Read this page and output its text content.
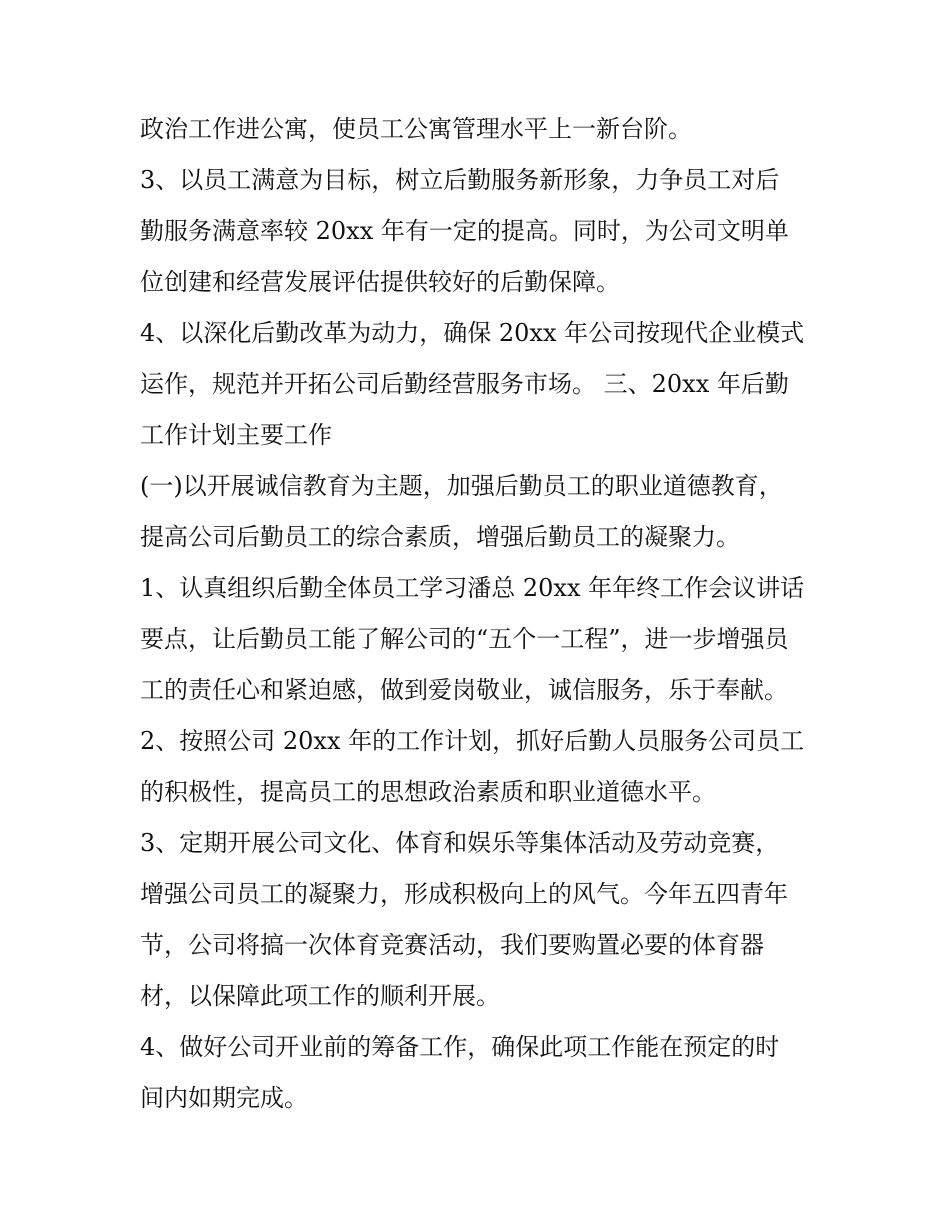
政治工作进公寓，使员工公寓管理水平上一新台阶。
3、以员工满意为目标，树立后勤服务新形象，力争员工对后
勤服务满意率较 20xx 年有一定的提高。同时，为公司文明单
位创建和经营发展评估提供较好的后勤保障。
4、以深化后勤改革为动力，确保 20xx 年公司按现代企业模式
运作，规范并开拓公司后勤经营服务市场。 三、20xx 年后勤
工作计划主要工作
(一)以开展诚信教育为主题，加强后勤员工的职业道德教育，
提高公司后勤员工的综合素质，增强后勤员工的凝聚力。
1、认真组织后勤全体员工学习潘总 20xx 年年终工作会议讲话
要点，让后勤员工能了解公司的“五个一工程”，进一步增强员
工的责任心和紧迫感，做到爱岗敬业，诚信服务，乐于奉献。
2、按照公司 20xx 年的工作计划，抓好后勤人员服务公司员工
的积极性，提高员工的思想政治素质和职业道德水平。
3、定期开展公司文化、体育和娱乐等集体活动及劳动竞赛，
增强公司员工的凝聚力，形成积极向上的风气。今年五四青年
节，公司将搞一次体育竞赛活动，我们要购置必要的体育器
材，以保障此项工作的顺利开展。
4、做好公司开业前的筹备工作，确保此项工作能在预定的时
间内如期完成。
